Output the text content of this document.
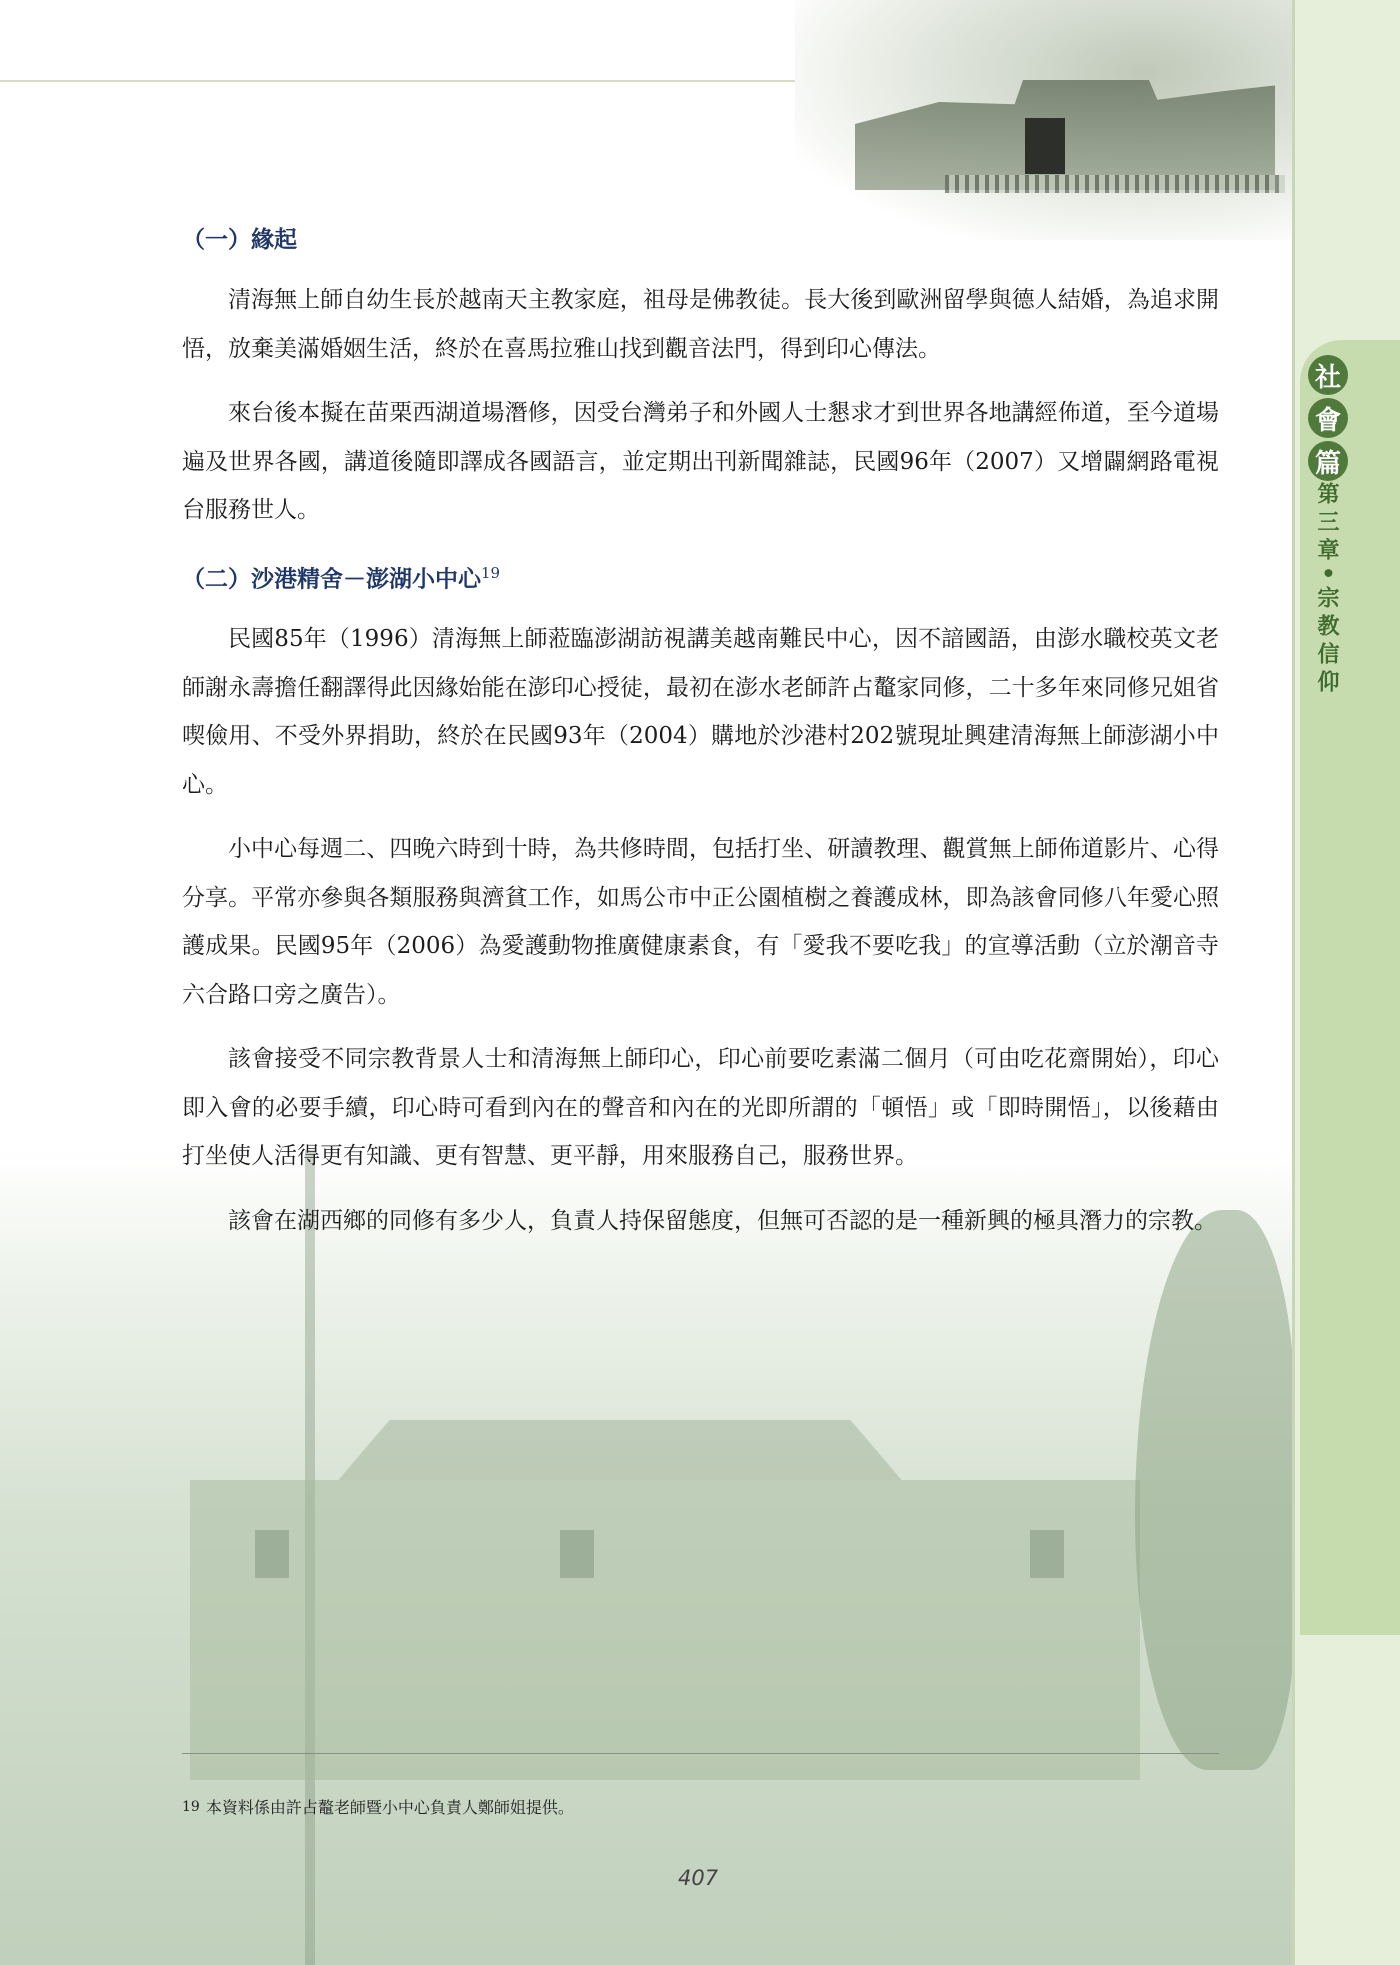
社
會
篇
第三章•宗教信仰
（一）緣起

清海無上師自幼生長於越南天主教家庭，祖母是佛教徒。長大後到歐洲留學與德人結婚，為追求開悟，放棄美滿婚姻生活，終於在喜馬拉雅山找到觀音法門，得到印心傳法。

來台後本擬在苗栗西湖道場潛修，因受台灣弟子和外國人士懇求才到世界各地講經佈道，至今道場遍及世界各國，講道後隨即譯成各國語言，並定期出刊新聞雜誌，民國96年（2007）又增闢網路電視台服務世人。

（二）沙港精舍－澎湖小中心$^{19}$

民國85年（1996）清海無上師蒞臨澎湖訪視講美越南難民中心，因不諳國語，由澎水職校英文老師謝永壽擔任翻譯得此因緣始能在澎印心授徒，最初在澎水老師許占鼇家同修，二十多年來同修兄姐省喫儉用、不受外界捐助，終於在民國93年（2004）購地於沙港村202號現址興建清海無上師澎湖小中心。

小中心每週二、四晚六時到十時，為共修時間，包括打坐、研讀教理、觀賞無上師佈道影片、心得分享。平常亦參與各類服務與濟貧工作，如馬公市中正公園植樹之養護成林，即為該會同修八年愛心照護成果。民國95年（2006）為愛護動物推廣健康素食，有「愛我不要吃我」的宣導活動（立於潮音寺六合路口旁之廣告）。

該會接受不同宗教背景人士和清海無上師印心，印心前要吃素滿二個月（可由吃花齋開始），印心即入會的必要手續，印心時可看到內在的聲音和內在的光即所謂的「頓悟」或「即時開悟」，以後藉由打坐使人活得更有知識、更有智慧、更平靜，用來服務自己，服務世界。

該會在湖西鄉的同修有多少人，負責人持保留態度，但無可否認的是一種新興的極具潛力的宗教。

$^{19}$ 本資料係由許占鼇老師暨小中心負責人鄭師姐提供。
407
